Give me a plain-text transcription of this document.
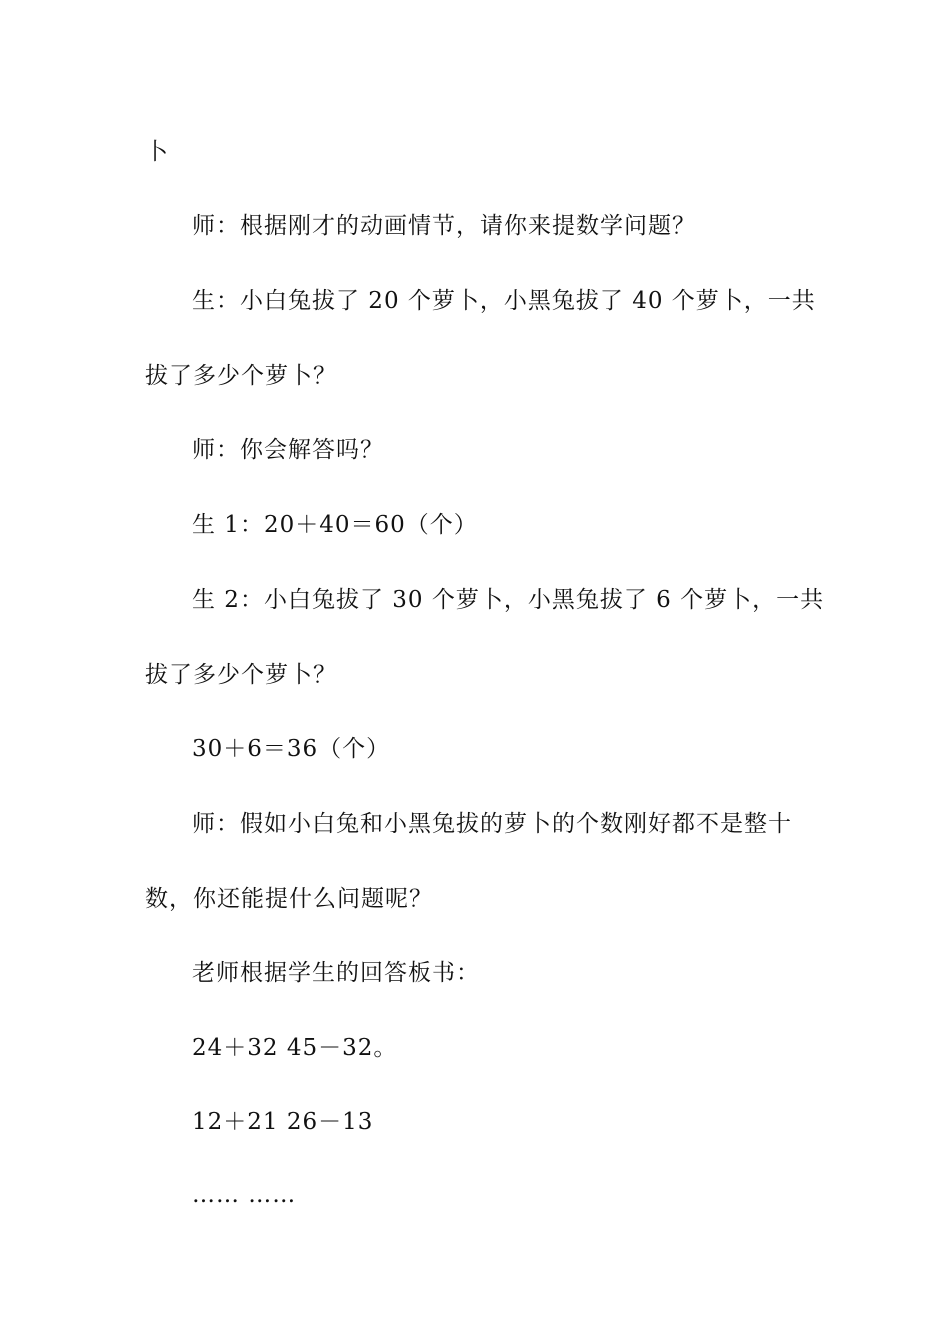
卜
师：根据刚才的动画情节，请你来提数学问题？
生：小白兔拔了 20 个萝卜，小黑兔拔了 40 个萝卜，一共
拔了多少个萝卜？
师：你会解答吗？
生 1：20＋40＝60（个）
生 2：小白兔拔了 30 个萝卜，小黑兔拔了 6 个萝卜，一共
拔了多少个萝卜？
30＋6＝36（个）
师：假如小白兔和小黑兔拔的萝卜的个数刚好都不是整十
数，你还能提什么问题呢？
老师根据学生的回答板书：
24＋32 45－32。
12＋21 26－13
…… ……
